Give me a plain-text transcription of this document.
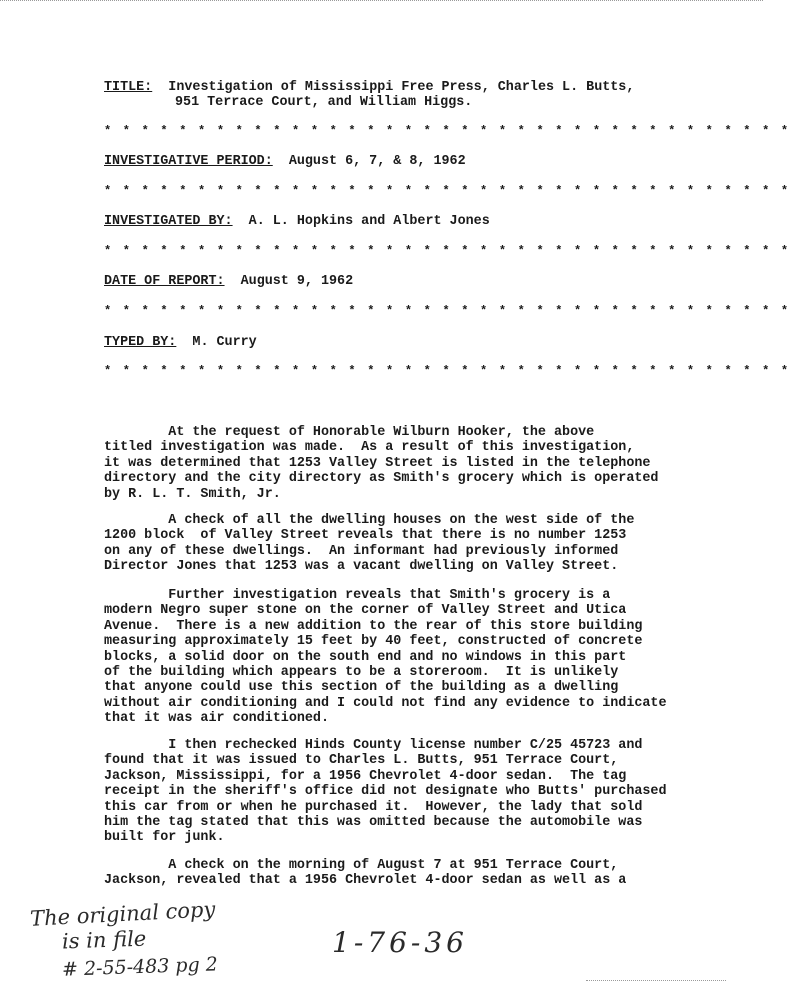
TITLE: Investigation of Mississippi Free Press, Charles L. Butts,
951 Terrace Court, and William Higgs.
* * * * * * * * * * * * * * * * * * * * * * * * * * * * * * * * * * * * *
INVESTIGATIVE PERIOD: August 6, 7, & 8, 1962
* * * * * * * * * * * * * * * * * * * * * * * * * * * * * * * * * * * * *
INVESTIGATED BY: A. L. Hopkins and Albert Jones
* * * * * * * * * * * * * * * * * * * * * * * * * * * * * * * * * * * * *
DATE OF REPORT: August 9, 1962
* * * * * * * * * * * * * * * * * * * * * * * * * * * * * * * * * * * * *
TYPED BY: M. Curry
* * * * * * * * * * * * * * * * * * * * * * * * * * * * * * * * * * * * *
At the request of Honorable Wilburn Hooker, the above
titled investigation was made.  As a result of this investigation,
it was determined that 1253 Valley Street is listed in the telephone
directory and the city directory as Smith's grocery which is operated
by R. L. T. Smith, Jr.
A check of all the dwelling houses on the west side of the
1200 block  of Valley Street reveals that there is no number 1253
on any of these dwellings.  An informant had previously informed
Director Jones that 1253 was a vacant dwelling on Valley Street.
Further investigation reveals that Smith's grocery is a
modern Negro super stone on the corner of Valley Street and Utica
Avenue.  There is a new addition to the rear of this store building
measuring approximately 15 feet by 40 feet, constructed of concrete
blocks, a solid door on the south end and no windows in this part
of the building which appears to be a storeroom.  It is unlikely
that anyone could use this section of the building as a dwelling
without air conditioning and I could not find any evidence to indicate
that it was air conditioned.
I then rechecked Hinds County license number C/25 45723 and
found that it was issued to Charles L. Butts, 951 Terrace Court,
Jackson, Mississippi, for a 1956 Chevrolet 4-door sedan.  The tag
receipt in the sheriff's office did not designate who Butts' purchased
this car from or when he purchased it.  However, the lady that sold
him the tag stated that this was omitted because the automobile was
built for junk.
A check on the morning of August 7 at 951 Terrace Court,
Jackson, revealed that a 1956 Chevrolet 4-door sedan as well as a
The original copy
is in file
# 2-55-483 pg 2
1-76-36
